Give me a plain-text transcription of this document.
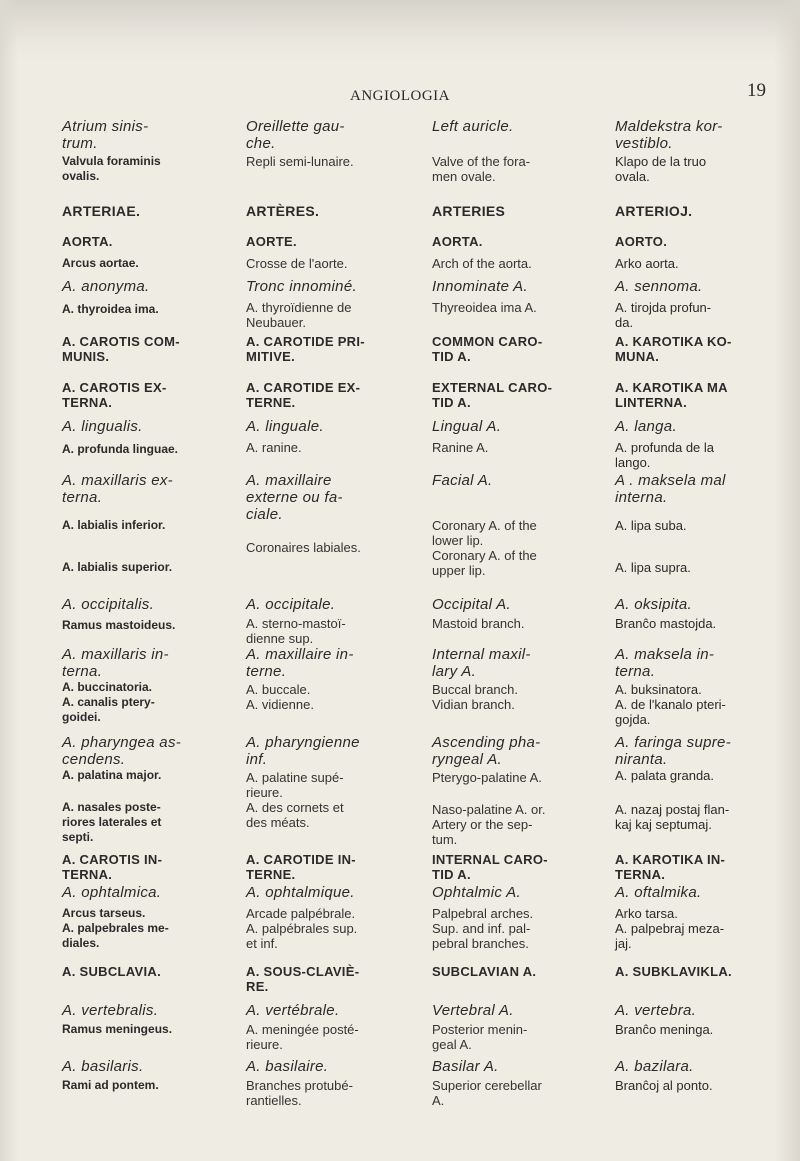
ANGIOLOGIA	19
Atrium sinis-
trum.
Valvula foraminis
ovalis.
ARTERIAE.
AORTA.
Arcus aortae.
A. anonyma.
A. thyroidea ima.
A. CAROTIS COM-
MUNIS.
A. CAROTIS EX-
TERNA.
A. lingualis.
A. profunda linguae.
A. maxillaris ex-
terna.
A. labialis inferior.
A. labialis superior.
A. occipitalis.
Ramus mastoideus.
A. maxillaris in-
terna.
A. buccinatoria.
A. canalis ptery-
goidei.
A. pharyngea as-
cendens.
A. palatina major.
A. nasales poste-
riores laterales et
septi.
A. CAROTIS IN-
TERNA.
A. ophtalmica.
Arcus tarseus.
A. palpebrales me-
diales.
A. SUBCLAVIA.
A. vertebralis.
Ramus meningeus.
A. basilaris.
Rami ad pontem.
Oreillette gau-
che.
Repli semi-lunaire.
ARTÈRES.
AORTE.
Crosse de l'aorte.
Tronc innominé.
A. thyroïdienne de
Neubauer.
A. CAROTIDE PRI-
MITIVE.
A. CAROTIDE EX-
TERNE.
A. linguale.
A. ranine.
A. maxillaire
externe ou fa-
ciale.
Coronaires labiales.
A. occipitale.
A. sterno-mastoï-
dienne sup.
A. maxillaire in-
terne.
A. buccale.
A. vidienne.
A. pharyngienne
inf.
A. palatine supé-
rieure.
A. des cornets et
des méats.
A. CAROTIDE IN-
TERNE.
A. ophtalmique.
Arcade palpébrale.
A. palpébrales sup.
et inf.
A. SOUS-CLAVIÈ-
RE.
A. vertébrale.
A. meningée posté-
rieure.
A. basilaire.
Branches protubé-
rantielles.
Left auricle.
Valve of the fora-
men ovale.
ARTERIES
AORTA.
Arch of the aorta.
Innominate A.
Thyreoidea ima A.
COMMON CARO-
TID A.
EXTERNAL CARO-
TID A.
Lingual A.
Ranine A.
Facial A.
Coronary A. of the
lower lip.
Coronary A. of the
upper lip.
Occipital A.
Mastoid branch.
Internal maxil-
lary A.
Buccal branch.
Vidian branch.
Ascending pha-
ryngeal A.
Pterygo-palatine A.
Naso-palatine A. or.
Artery or the sep-
tum.
INTERNAL CARO-
TID A.
Ophtalmic A.
Palpebral arches.
Sup. and inf. pal-
pebral branches.
SUBCLAVIAN A.
Vertebral A.
Posterior menin-
geal A.
Basilar A.
Superior cerebellar
A.
Maldekstra kor-
vestiblo.
Klapo de la truo
ovala.
ARTERIOJ.
AORTO.
Arko aorta.
A. sennoma.
A. tirojda profun-
da.
A. KAROTIKA KO-
MUNA.
A. KAROTIKA MA
LINTERNA.
A. langa.
A. profunda de la
lango.
A . maksela mal
interna.
A. lipa suba.
A. lipa supra.
A. oksipita.
Branĉo mastojda.
A. maksela in-
terna.
A. buksinatora.
A. de l'kanalo pteri-
gojda.
A. faringa supre-
niranta.
A. palata granda.
A. nazaj postaj flan-
kaj kaj septumaj.
A. KAROTIKA IN-
TERNA.
A. oftalmika.
Arko tarsa.
A. palpebraj meza-
jaj.
A. SUBKLAVIKLA.
A. vertebra.
Branĉo meninga.
A. bazilara.
Branĉoj al ponto.
